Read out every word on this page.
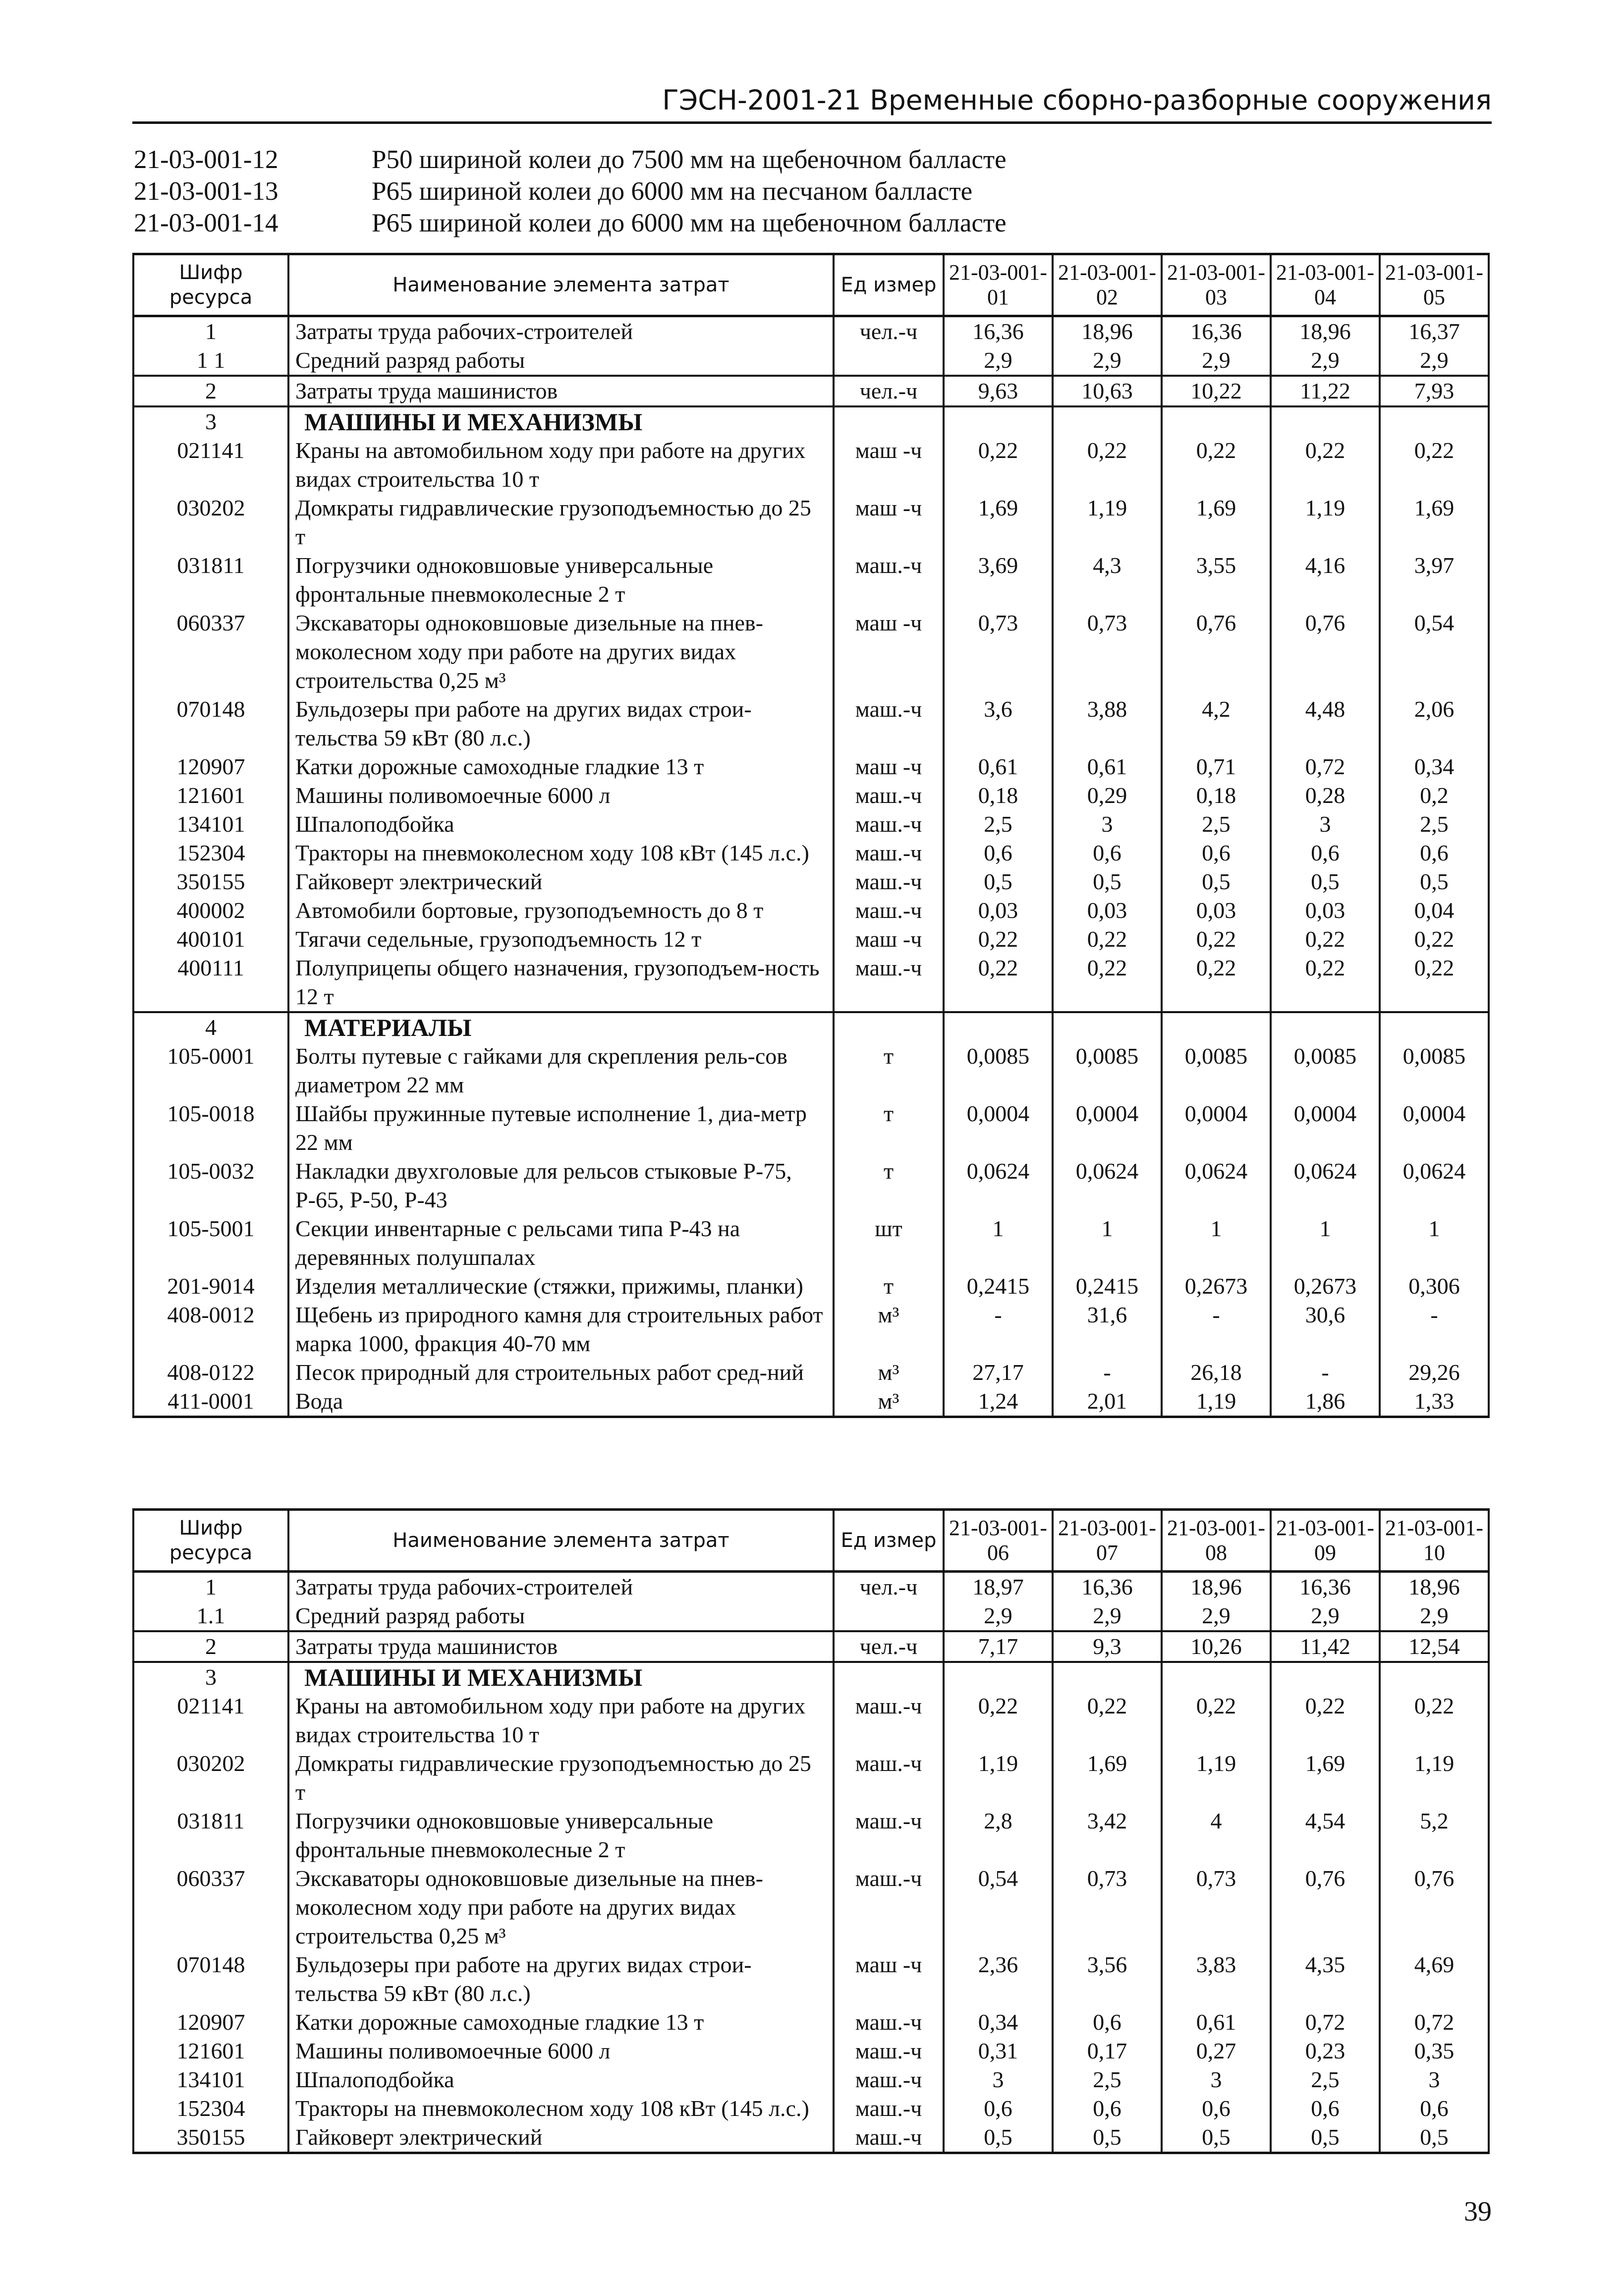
ГЭСН-2001-21 Временные сборно-разборные сооружения
21-03-001-12	Р50 шириной колеи до 7500 мм на щебеночном балласте
21-03-001-13	Р65 шириной колеи до 6000 мм на песчаном балласте
21-03-001-14	Р65 шириной колеи до 6000 мм на щебеночном балласте
Шифр ресурса	Наименование элемента затрат	Ед измер	21-03-001-01	21-03-001-02	21-03-001-03	21-03-001-04	21-03-001-05
1	Затраты труда рабочих-строителей	чел.-ч	16,36	18,96	16,36	18,96	16,37
1 1	Средний разряд работы		2,9	2,9	2,9	2,9	2,9
2	Затраты труда машинистов	чел.-ч	9,63	10,63	10,22	11,22	7,93
3	МАШИНЫ И МЕХАНИЗМЫ						
021141	Краны на автомобильном ходу при работе на других видах строительства 10 т	маш -ч	0,22	0,22	0,22	0,22	0,22
030202	Домкраты гидравлические грузоподъемностью до 25 т	маш -ч	1,69	1,19	1,69	1,19	1,69
031811	Погрузчики одноковшовые универсальные фронтальные пневмоколесные 2 т	маш.-ч	3,69	4,3	3,55	4,16	3,97
060337	Экскаваторы одноковшовые дизельные на пнев-моколесном ходу при работе на других видах строительства 0,25 м³	маш -ч	0,73	0,73	0,76	0,76	0,54
070148	Бульдозеры при работе на других видах строи-тельства 59 кВт (80 л.с.)	маш.-ч	3,6	3,88	4,2	4,48	2,06
120907	Катки дорожные самоходные гладкие 13 т	маш -ч	0,61	0,61	0,71	0,72	0,34
121601	Машины поливомоечные 6000 л	маш.-ч	0,18	0,29	0,18	0,28	0,2
134101	Шпалоподбойка	маш.-ч	2,5	3	2,5	3	2,5
152304	Тракторы на пневмоколесном ходу 108 кВт (145 л.с.)	маш.-ч	0,6	0,6	0,6	0,6	0,6
350155	Гайковерт электрический	маш.-ч	0,5	0,5	0,5	0,5	0,5
400002	Автомобили бортовые, грузоподъемность до 8 т	маш.-ч	0,03	0,03	0,03	0,03	0,04
400101	Тягачи седельные, грузоподъемность 12 т	маш -ч	0,22	0,22	0,22	0,22	0,22
400111	Полуприцепы общего назначения, грузоподъем-ность 12 т	маш.-ч	0,22	0,22	0,22	0,22	0,22
4	МАТЕРИАЛЫ						
105-0001	Болты путевые с гайками для скрепления рель-сов диаметром 22 мм	т	0,0085	0,0085	0,0085	0,0085	0,0085
105-0018	Шайбы пружинные путевые исполнение 1, диа-метр 22 мм	т	0,0004	0,0004	0,0004	0,0004	0,0004
105-0032	Накладки двухголовые для рельсов стыковые Р-75, Р-65, Р-50, Р-43	т	0,0624	0,0624	0,0624	0,0624	0,0624
105-5001	Секции инвентарные с рельсами типа Р-43 на деревянных полушпалах	шт	1	1	1	1	1
201-9014	Изделия металлические (стяжки, прижимы, планки)	т	0,2415	0,2415	0,2673	0,2673	0,306
408-0012	Щебень из природного камня для строительных работ марка 1000, фракция 40-70 мм	м³	-	31,6	-	30,6	-
408-0122	Песок природный для строительных работ сред-ний	м³	27,17	-	26,18	-	29,26
411-0001	Вода	м³	1,24	2,01	1,19	1,86	1,33
Шифр ресурса	Наименование элемента затрат	Ед измер	21-03-001-06	21-03-001-07	21-03-001-08	21-03-001-09	21-03-001-10
1	Затраты труда рабочих-строителей	чел.-ч	18,97	16,36	18,96	16,36	18,96
1.1	Средний разряд работы		2,9	2,9	2,9	2,9	2,9
2	Затраты труда машинистов	чел.-ч	7,17	9,3	10,26	11,42	12,54
3	МАШИНЫ И МЕХАНИЗМЫ						
021141	Краны на автомобильном ходу при работе на других видах строительства 10 т	маш.-ч	0,22	0,22	0,22	0,22	0,22
030202	Домкраты гидравлические грузоподъемностью до 25 т	маш.-ч	1,19	1,69	1,19	1,69	1,19
031811	Погрузчики одноковшовые универсальные фронтальные пневмоколесные 2 т	маш.-ч	2,8	3,42	4	4,54	5,2
060337	Экскаваторы одноковшовые дизельные на пнев-моколесном ходу при работе на других видах строительства 0,25 м³	маш.-ч	0,54	0,73	0,73	0,76	0,76
070148	Бульдозеры при работе на других видах строи-тельства 59 кВт (80 л.с.)	маш -ч	2,36	3,56	3,83	4,35	4,69
120907	Катки дорожные самоходные гладкие 13 т	маш.-ч	0,34	0,6	0,61	0,72	0,72
121601	Машины поливомоечные 6000 л	маш.-ч	0,31	0,17	0,27	0,23	0,35
134101	Шпалоподбойка	маш.-ч	3	2,5	3	2,5	3
152304	Тракторы на пневмоколесном ходу 108 кВт (145 л.с.)	маш.-ч	0,6	0,6	0,6	0,6	0,6
350155	Гайковерт электрический	маш.-ч	0,5	0,5	0,5	0,5	0,5
39
